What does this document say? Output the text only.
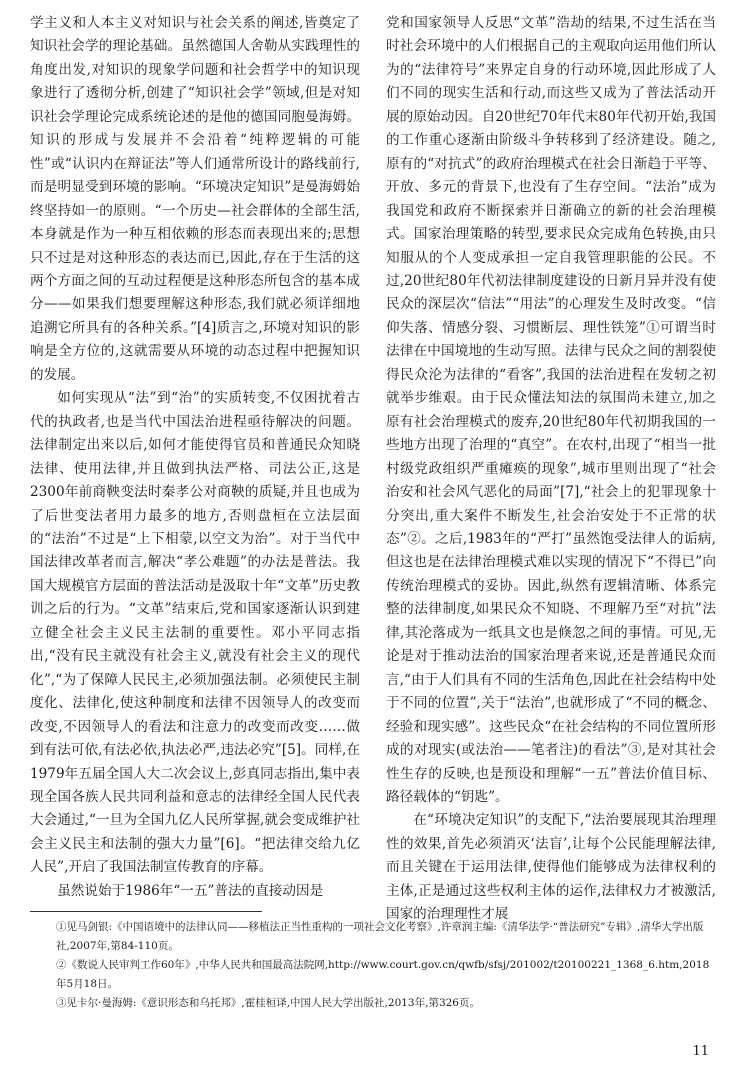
学主义和人本主义对知识与社会关系的阐述,皆奠定了知识社会学的理论基础。虽然德国人舍勒从实践理性的角度出发,对知识的现象学问题和社会哲学中的知识现象进行了透彻分析,创建了“知识社会学”领域,但是对知识社会学理论完成系统论述的是他的德国同胞曼海姆。知识的形成与发展并不会沿着“纯粹逻辑的可能性”或“认识内在辩证法”等人们通常所设计的路线前行,而是明显受到环境的影响。“环境决定知识”是曼海姆始终坚持如一的原则。“一个历史—社会群体的全部生活,本身就是作为一种互相依赖的形态而表现出来的;思想只不过是对这种形态的表达而已,因此,存在于生活的这两个方面之间的互动过程便是这种形态所包含的基本成分——如果我们想要理解这种形态,我们就必须详细地追溯它所具有的各种关系。”[4]质言之,环境对知识的影响是全方位的,这就需要从环境的动态过程中把握知识的发展。

如何实现从“法”到“治”的实质转变,不仅困扰着古代的执政者,也是当代中国法治进程亟待解决的问题。法律制定出来以后,如何才能使得官员和普通民众知晓法律、使用法律,并且做到执法严格、司法公正,这是2300年前商鞅变法时秦孝公对商鞅的质疑,并且也成为了后世变法者用力最多的地方,否则盘桓在立法层面的“法治”不过是“上下相蒙,以空文为治”。对于当代中国法律改革者而言,解决“孝公难题”的办法是普法。我国大规模官方层面的普法活动是汲取十年“文革”历史教训之后的行为。“文革”结束后,党和国家逐渐认识到建立健全社会主义民主法制的重要性。邓小平同志指出,“没有民主就没有社会主义,就没有社会主义的现代化”,“为了保障人民民主,必须加强法制。必须使民主制度化、法律化,使这种制度和法律不因领导人的改变而改变,不因领导人的看法和注意力的改变而改变……做到有法可依,有法必依,执法必严,违法必究”[5]。同样,在1979年五届全国人大二次会议上,彭真同志指出,集中表现全国各族人民共同利益和意志的法律经全国人民代表大会通过,“一旦为全国九亿人民所掌握,就会变成维护社会主义民主和法制的强大力量”[6]。“把法律交给九亿人民”,开启了我国法制宣传教育的序幕。

虽然说始于1986年“一五”普法的直接动因是

党和国家领导人反思“文革”浩劫的结果,不过生活在当时社会环境中的人们根据自己的主观取向运用他们所认为的“法律符号”来界定自身的行动环境,因此形成了人们不同的现实生活和行动,而这些又成为了普法活动开展的原始动因。自20世纪70年代末80年代初开始,我国的工作重心逐渐由阶级斗争转移到了经济建设。随之,原有的“对抗式”的政府治理模式在社会日渐趋于平等、开放、多元的背景下,也没有了生存空间。“法治”成为我国党和政府不断探索并日渐确立的新的社会治理模式。国家治理策略的转型,要求民众完成角色转换,由只知服从的个人变成承担一定自我管理职能的公民。不过,20世纪80年代初法律制度建设的日新月异并没有使民众的深层次“信法”“用法”的心理发生及时改变。“信仰失落、情感分裂、习惯断层、理性铁笼”①可谓当时法律在中国境地的生动写照。法律与民众之间的割裂使得民众沦为法律的“看客”,我国的法治进程在发轫之初就举步维艰。由于民众懂法知法的氛围尚未建立,加之原有社会治理模式的废弃,20世纪80年代初期我国的一些地方出现了治理的“真空”。在农村,出现了“相当一批村级党政组织严重瘫痪的现象”,城市里则出现了“社会治安和社会风气恶化的局面”[7],“社会上的犯罪现象十分突出,重大案件不断发生,社会治安处于不正常的状态”②。之后,1983年的“严打”虽然饱受法律人的诟病,但这也是在法律治理模式难以实现的情况下“不得已”向传统治理模式的妥协。因此,纵然有逻辑清晰、体系完整的法律制度,如果民众不知晓、不理解乃至“对抗”法律,其沦落成为一纸具文也是倏忽之间的事情。可见,无论是对于推动法治的国家治理者来说,还是普通民众而言,“由于人们具有不同的生活角色,因此在社会结构中处于不同的位置”,关于“法治”,也就形成了“不同的概念、经验和现实感”。这些民众“在社会结构的不同位置所形成的对现实(或法治——笔者注)的看法”③,是对其社会性生存的反映,也是预设和理解“一五”普法价值目标、路径载体的“钥匙”。

在“环境决定知识”的支配下,“法治要展现其治理理性的效果,首先必须消灭‘法盲’,让每个公民能理解法律,而且关键在于运用法律,使得他们能够成为法律权利的主体,正是通过这些权利主体的运作,法律权力才被激活,国家的治理理性才展

①见马剑银:《中国语境中的法律认同——移植法正当性重构的一项社会文化考察》,许章润主编:《清华法学·“普法研究”专辑》,清华大学出版社,2007年,第84-110页。

②《数说人民审判工作60年》,中华人民共和国最高法院网,http://www.court.gov.cn/qwfb/sfsj/201002/t20100221_1368_6.htm,2018年5月18日。

③见卡尔·曼海姆:《意识形态和乌托邦》,霍桂桓译,中国人民大学出版社,2013年,第326页。

11
